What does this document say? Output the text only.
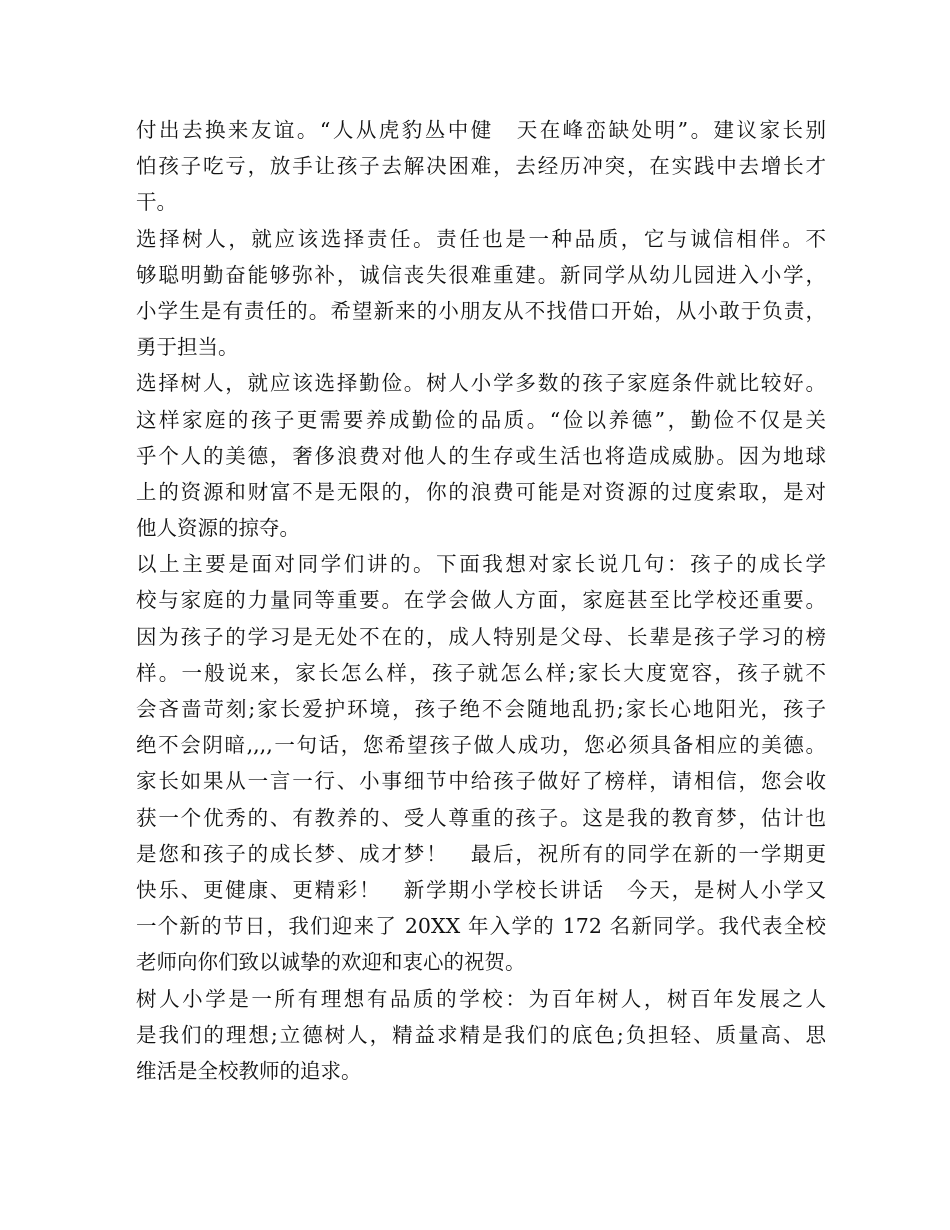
付出去换来友谊。“人从虎豹丛中健　天在峰峦缺处明”。建议家长别
怕孩子吃亏，放手让孩子去解决困难，去经历冲突，在实践中去增长才
干。
选择树人，就应该选择责任。责任也是一种品质，它与诚信相伴。不
够聪明勤奋能够弥补，诚信丧失很难重建。新同学从幼儿园进入小学，
小学生是有责任的。希望新来的小朋友从不找借口开始，从小敢于负责，
勇于担当。
选择树人，就应该选择勤俭。树人小学多数的孩子家庭条件就比较好。
这样家庭的孩子更需要养成勤俭的品质。“俭以养德”，勤俭不仅是关
乎个人的美德，奢侈浪费对他人的生存或生活也将造成威胁。因为地球
上的资源和财富不是无限的，你的浪费可能是对资源的过度索取，是对
他人资源的掠夺。
以上主要是面对同学们讲的。下面我想对家长说几句：孩子的成长学
校与家庭的力量同等重要。在学会做人方面，家庭甚至比学校还重要。
因为孩子的学习是无处不在的，成人特别是父母、长辈是孩子学习的榜
样。一般说来，家长怎么样，孩子就怎么样;家长大度宽容，孩子就不
会吝啬苛刻;家长爱护环境，孩子绝不会随地乱扔;家长心地阳光，孩子
绝不会阴暗,,,,一句话，您希望孩子做人成功，您必须具备相应的美德。
家长如果从一言一行、小事细节中给孩子做好了榜样，请相信，您会收
获一个优秀的、有教养的、受人尊重的孩子。这是我的教育梦，估计也
是您和孩子的成长梦、成才梦！　最后，祝所有的同学在新的一学期更
快乐、更健康、更精彩！　新学期小学校长讲话　今天，是树人小学又
一个新的节日，我们迎来了 20XX 年入学的 172 名新同学。我代表全校
老师向你们致以诚挚的欢迎和衷心的祝贺。
树人小学是一所有理想有品质的学校：为百年树人，树百年发展之人
是我们的理想;立德树人，精益求精是我们的底色;负担轻、质量高、思
维活是全校教师的追求。
